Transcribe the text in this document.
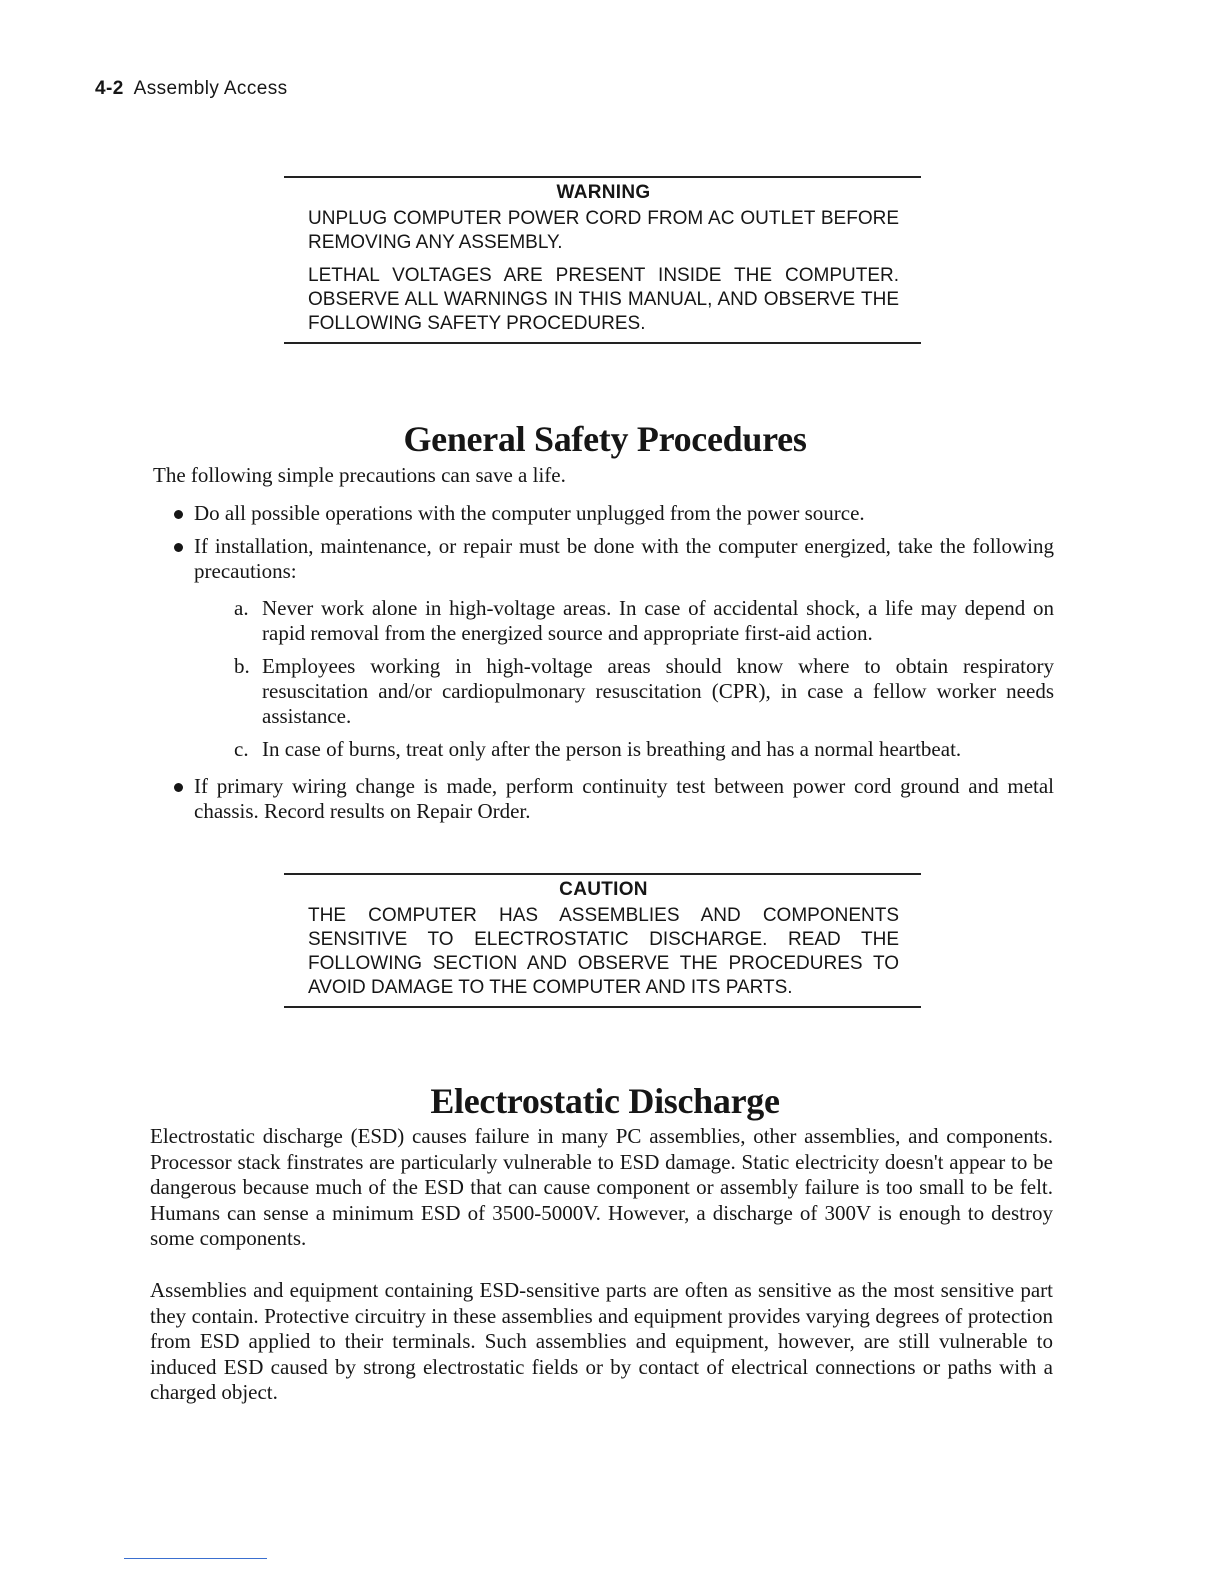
4-2 Assembly Access
WARNING

UNPLUG COMPUTER POWER CORD FROM AC OUTLET BEFORE REMOVING ANY ASSEMBLY.

LETHAL VOLTAGES ARE PRESENT INSIDE THE COMPUTER. OBSERVE ALL WARNINGS IN THIS MANUAL, AND OBSERVE THE FOLLOWING SAFETY PROCEDURES.

General Safety Procedures
The following simple precautions can save a life.
Do all possible operations with the computer unplugged from the power source.
If installation, maintenance, or repair must be done with the computer energized, take the following precautions:
a. Never work alone in high-voltage areas. In case of accidental shock, a life may depend on rapid removal from the energized source and appropriate first-aid action.
b. Employees working in high-voltage areas should know where to obtain respiratory resuscitation and/or cardiopulmonary resuscitation (CPR), in case a fellow worker needs assistance.
c. In case of burns, treat only after the person is breathing and has a normal heartbeat.
If primary wiring change is made, perform continuity test between power cord ground and metal chassis. Record results on Repair Order.
CAUTION

THE COMPUTER HAS ASSEMBLIES AND COMPONENTS SENSITIVE TO ELECTROSTATIC DISCHARGE. READ THE FOLLOWING SECTION AND OBSERVE THE PROCEDURES TO AVOID DAMAGE TO THE COMPUTER AND ITS PARTS.

Electrostatic Discharge

Electrostatic discharge (ESD) causes failure in many PC assemblies, other assemblies, and components. Processor stack finstrates are particularly vulnerable to ESD damage. Static electricity doesn't appear to be dangerous because much of the ESD that can cause component or assembly failure is too small to be felt. Humans can sense a minimum ESD of 3500-5000V. However, a discharge of 300V is enough to destroy some components.

Assemblies and equipment containing ESD-sensitive parts are often as sensitive as the most sensitive part they contain. Protective circuitry in these assemblies and equipment provides varying degrees of protection from ESD applied to their terminals. Such assemblies and equipment, however, are still vulnerable to induced ESD caused by strong electrostatic fields or by contact of electrical connections or paths with a charged object.
